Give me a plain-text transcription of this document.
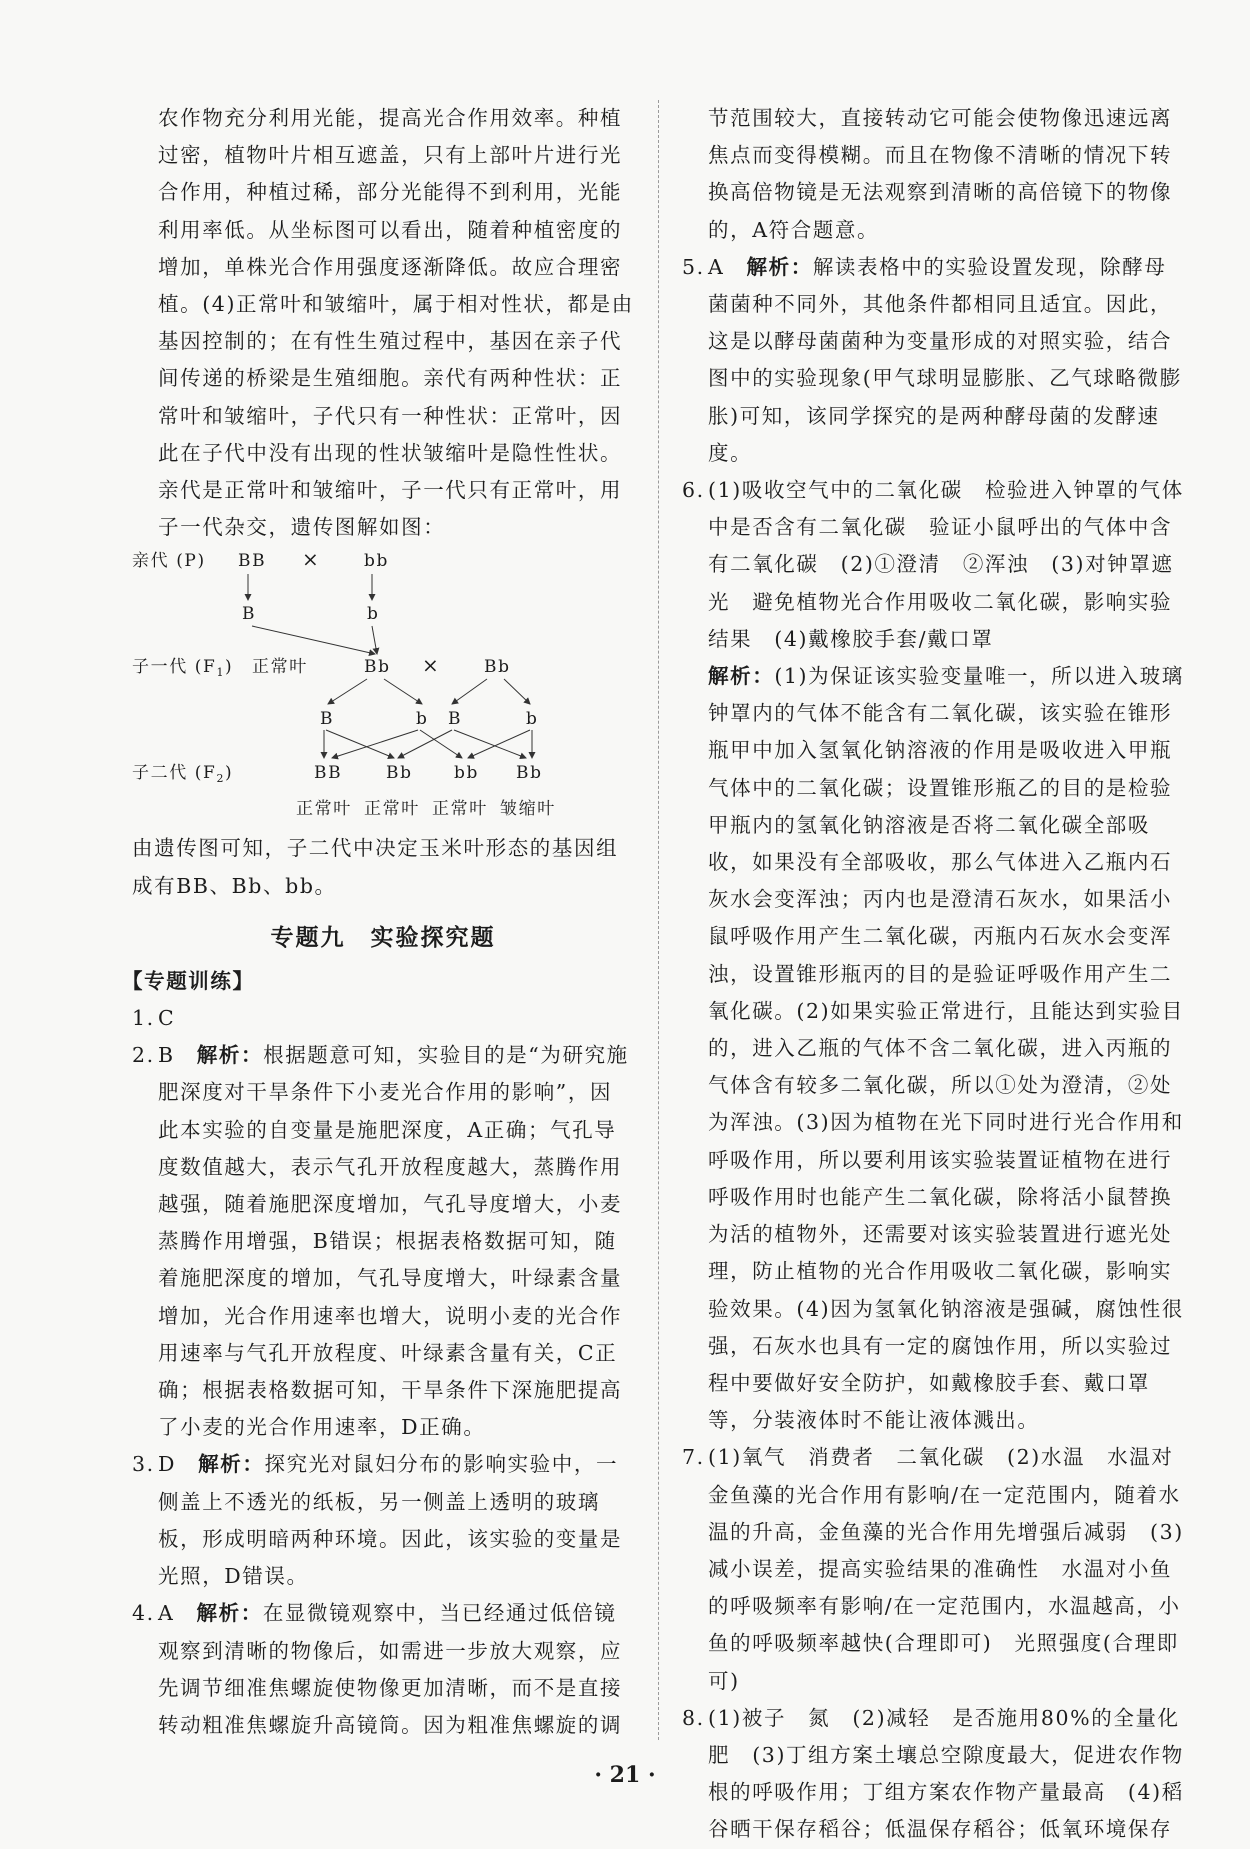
农作物充分利用光能，提高光合作用效率。种植过密，植物叶片相互遮盖，只有上部叶片进行光合作用，种植过稀，部分光能得不到利用，光能利用率低。从坐标图可以看出，随着种植密度的增加，单株光合作用强度逐渐降低。故应合理密植。(4)正常叶和皱缩叶，属于相对性状，都是由基因控制的；在有性生殖过程中，基因在亲子代间传递的桥梁是生殖细胞。亲代有两种性状：正常叶和皱缩叶，子代只有一种性状：正常叶，因此在子代中没有出现的性状皱缩叶是隐性性状。亲代是正常叶和皱缩叶，子一代只有正常叶，用子一代杂交，遗传图解如图：

亲代 (P) BB ×	bb
B	b
子一代 $(F_1)$ 正常叶	Bb ×	Bb
B	b B	b
子二代 $(F_2)$	BB	Bb bb Bb
正常叶 正常叶 正常叶 皱缩叶

由遗传图可知，子二代中决定玉米叶形态的基因组成有BB、Bb、bb。

专题九　实验探究题
【专题训练】

1. C

2. B　 解析：根据题意可知，实验目的是“为研究施肥深度对干旱条件下小麦光合作用的影响”，因此本实验的自变量是施肥深度，A正确；气孔导度数值越大，表示气孔开放程度越大，蒸腾作用越强，随着施肥深度增加，气孔导度增大，小麦蒸腾作用增强，B错误；根据表格数据可知，随着施肥深度的增加，气孔导度增大，叶绿素含量增加，光合作用速率也增大，说明小麦的光合作用速率与气孔开放程度、叶绿素含量有关，C正确；根据表格数据可知，干旱条件下深施肥提高了小麦的光合作用速率，D正确。

3. D　 解析：探究光对鼠妇分布的影响实验中，一侧盖上不透光的纸板，另一侧盖上透明的玻璃板，形成明暗两种环境。因此，该实验的变量是光照，D错误。

4. A　 解析：在显微镜观察中，当已经通过低倍镜观察到清晰的物像后，如需进一步放大观察，应先调节细准焦螺旋使物像更加清晰，而不是直接转动粗准焦螺旋升高镜筒。因为粗准焦螺旋的调

节范围较大，直接转动它可能会使物像迅速远离焦点而变得模糊。而且在物像不清晰的情况下转换高倍物镜是无法观察到清晰的高倍镜下的物像的，A符合题意。

5. A　 解析：解读表格中的实验设置发现，除酵母菌菌种不同外，其他条件都相同且适宜。因此，这是以酵母菌菌种为变量形成的对照实验，结合图中的实验现象(甲气球明显膨胀、乙气球略微膨胀)可知，该同学探究的是两种酵母菌的发酵速度。

6. (1)吸收空气中的二氧化碳　检验进入钟罩的气体中是否含有二氧化碳　验证小鼠呼出的气体中含有二氧化碳　(2)①澄清　②浑浊　(3)对钟罩遮光　避免植物光合作用吸收二氧化碳，影响实验结果　(4)戴橡胶手套/戴口罩

解析：(1)为保证该实验变量唯一，所以进入玻璃钟罩内的气体不能含有二氧化碳，该实验在锥形瓶甲中加入氢氧化钠溶液的作用是吸收进入甲瓶气体中的二氧化碳；设置锥形瓶乙的目的是检验甲瓶内的氢氧化钠溶液是否将二氧化碳全部吸收，如果没有全部吸收，那么气体进入乙瓶内石灰水会变浑浊；丙内也是澄清石灰水，如果活小鼠呼吸作用产生二氧化碳，丙瓶内石灰水会变浑浊，设置锥形瓶丙的目的是验证呼吸作用产生二氧化碳。(2)如果实验正常进行，且能达到实验目的，进入乙瓶的气体不含二氧化碳，进入丙瓶的气体含有较多二氧化碳，所以①处为澄清，②处为浑浊。(3)因为植物在光下同时进行光合作用和呼吸作用，所以要利用该实验装置证植物在进行呼吸作用时也能产生二氧化碳，除将活小鼠替换为活的植物外，还需要对该实验装置进行遮光处理，防止植物的光合作用吸收二氧化碳，影响实验效果。(4)因为氢氧化钠溶液是强碱，腐蚀性很强，石灰水也具有一定的腐蚀作用，所以实验过程中要做好安全防护，如戴橡胶手套、戴口罩等，分装液体时不能让液体溅出。

7. (1)氧气　消费者　二氧化碳　(2)水温　水温对金鱼藻的光合作用有影响/在一定范围内，随着水温的升高，金鱼藻的光合作用先增强后减弱　(3)减小误差，提高实验结果的准确性　水温对小鱼的呼吸频率有影响/在一定范围内，水温越高，小鱼的呼吸频率越快(合理即可)　光照强度(合理即可)

8. (1)被子　氮　(2)减轻　是否施用80%的全量化肥　(3)丁组方案土壤总空隙度最大，促进农作物根的呼吸作用；丁组方案农作物产量最高　(4)稻谷晒干保存稻谷；低温保存稻谷；低氧环境保存

· 21 ·
